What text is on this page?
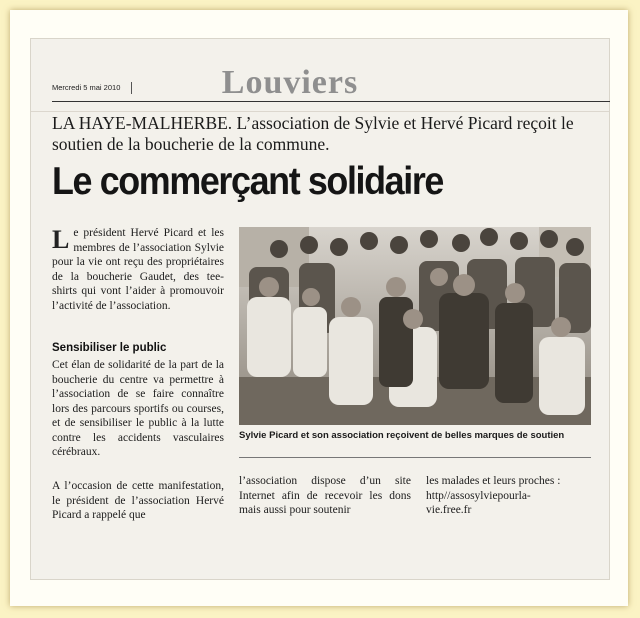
Mercredi 5 mai 2010	Louviers
LA HAYE-MALHERBE. L’association de Sylvie et Hervé Picard reçoit le soutien de la boucherie de la commune.
Le commerçant solidaire
Le président Hervé Picard et les membres de l’association Sylvie pour la vie ont reçu des propriétaires de la boucherie Gaudet, des tee-shirts qui vont l’aider à promouvoir l’activité de l’association.
Sensibiliser le public
Cet élan de solidarité de la part de la boucherie du centre va permettre à l’association de se faire connaître lors des parcours sportifs ou courses, et de sensibiliser le public à la lutte contre les accidents vasculaires cérébraux.
A l’occasion de cette manifestation, le président de l’association Hervé Picard a rappelé que
Sylvie Picard et son association reçoivent de belles marques de soutien
l’association dispose d’un site Internet afin de recevoir les dons mais aussi pour soutenir
les malades et leurs proches :
http//assosylviepourla-
vie.free.fr
